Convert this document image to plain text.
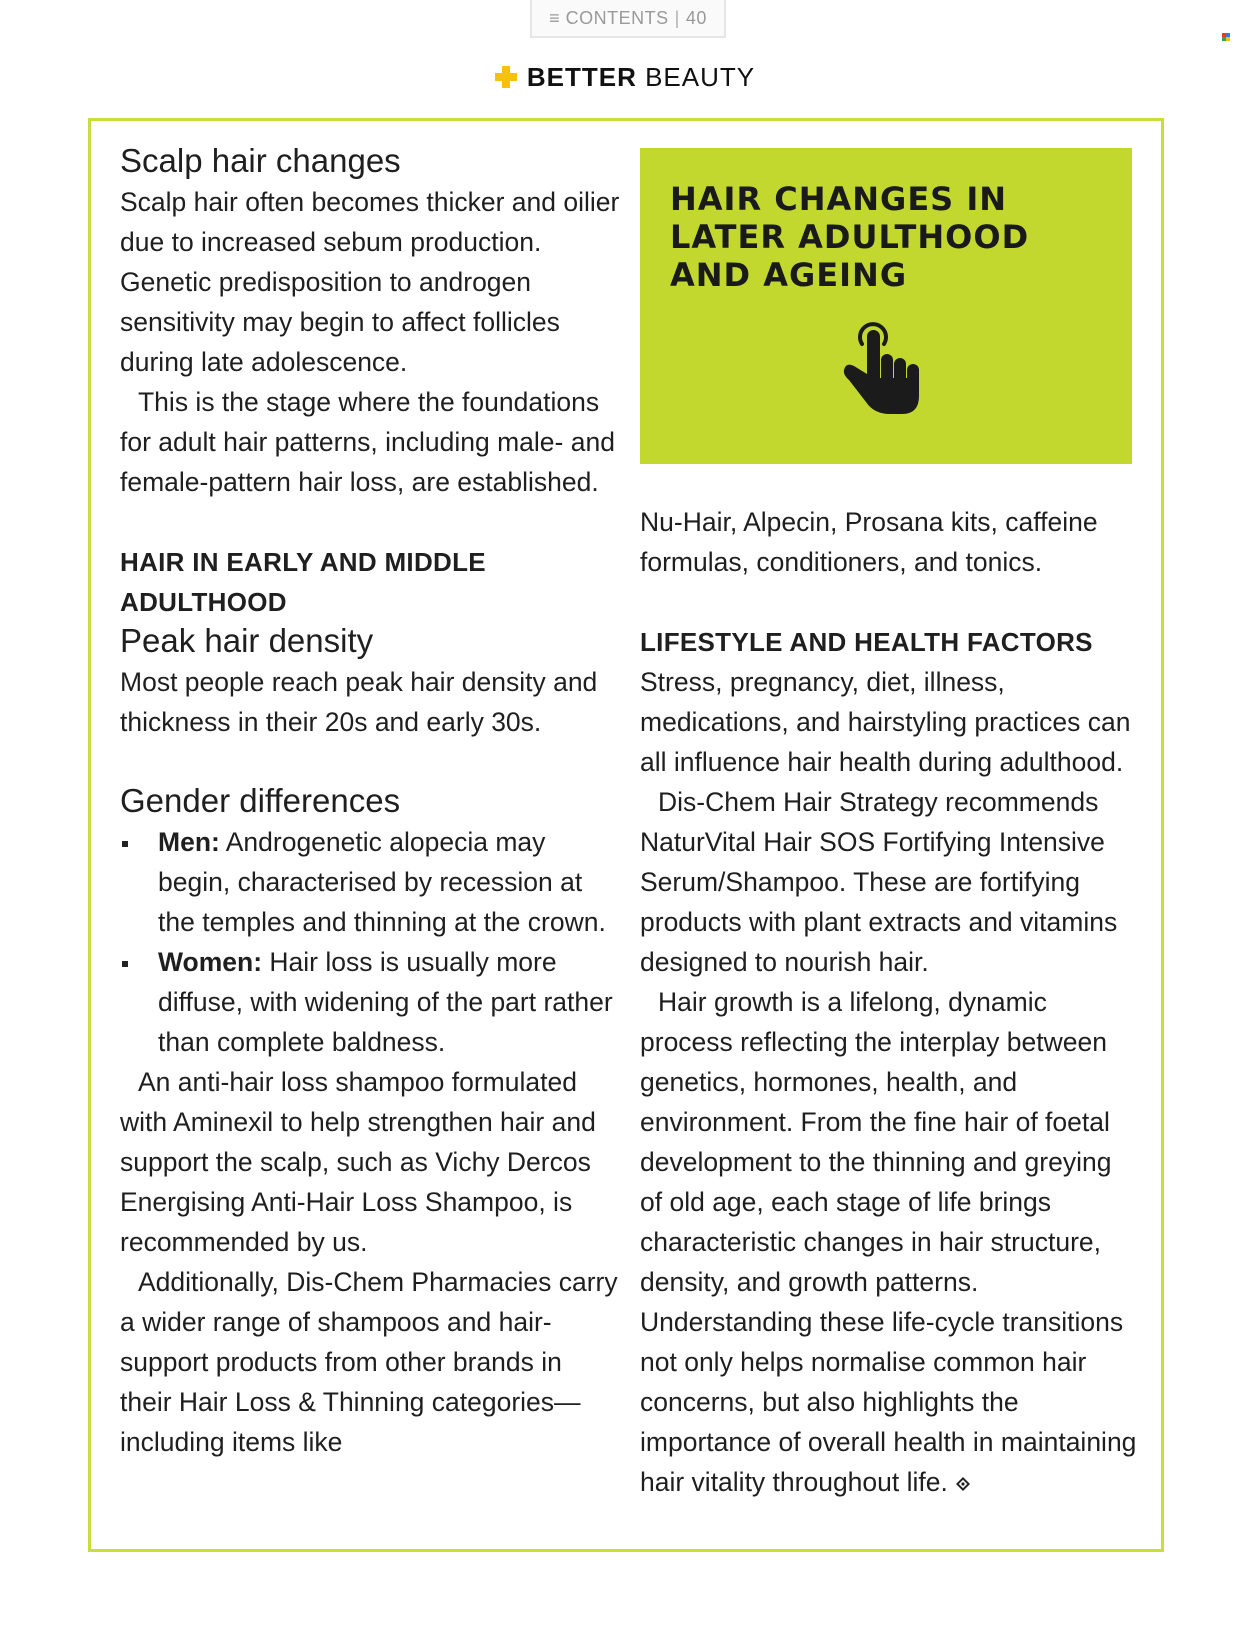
≡
CONTENTS | 40
BETTER BEAUTY
Scalp hair changes

Scalp hair often becomes thicker and oilier due to increased sebum production. Genetic predisposition to androgen sensitivity may begin to affect follicles during late adolescence.

This is the stage where the foundations for adult hair patterns, including male- and female-pattern hair loss, are established.

HAIR IN EARLY AND MIDDLE ADULTHOOD
Peak hair density

Most people reach peak hair density and thickness in their 20s and early 30s.

Gender differences
Men: Androgenetic alopecia may begin, characterised by recession at the temples and thinning at the crown.
Women: Hair loss is usually more diffuse, with widening of the part rather than complete baldness.

An anti-hair loss shampoo formulated with Aminexil to help strengthen hair and support the scalp, such as Vichy Dercos Energising Anti-Hair Loss Shampoo, is recommended by us.

Additionally, Dis-Chem Pharmacies carry a wider range of shampoos and hair-support products from other brands in their Hair Loss & Thinning categories—including items like

HAIR CHANGES IN
LATER ADULTHOOD
AND AGEING

Nu-Hair, Alpecin, Prosana kits, caffeine formulas, conditioners, and tonics.

LIFESTYLE AND HEALTH FACTORS

Stress, pregnancy, diet, illness, medications, and hairstyling practices can all influence hair health during adulthood.

Dis-Chem Hair Strategy recommends NaturVital Hair SOS Fortifying Intensive Serum/Shampoo. These are fortifying products with plant extracts and vitamins designed to nourish hair.

Hair growth is a lifelong, dynamic process reflecting the interplay between genetics, hormones, health, and environment. From the fine hair of foetal development to the thinning and greying of old age, each stage of life brings characteristic changes in hair structure, density, and growth patterns. Understanding these life-cycle transitions not only helps normalise common hair concerns, but also highlights the importance of overall health in maintaining hair vitality throughout life.
